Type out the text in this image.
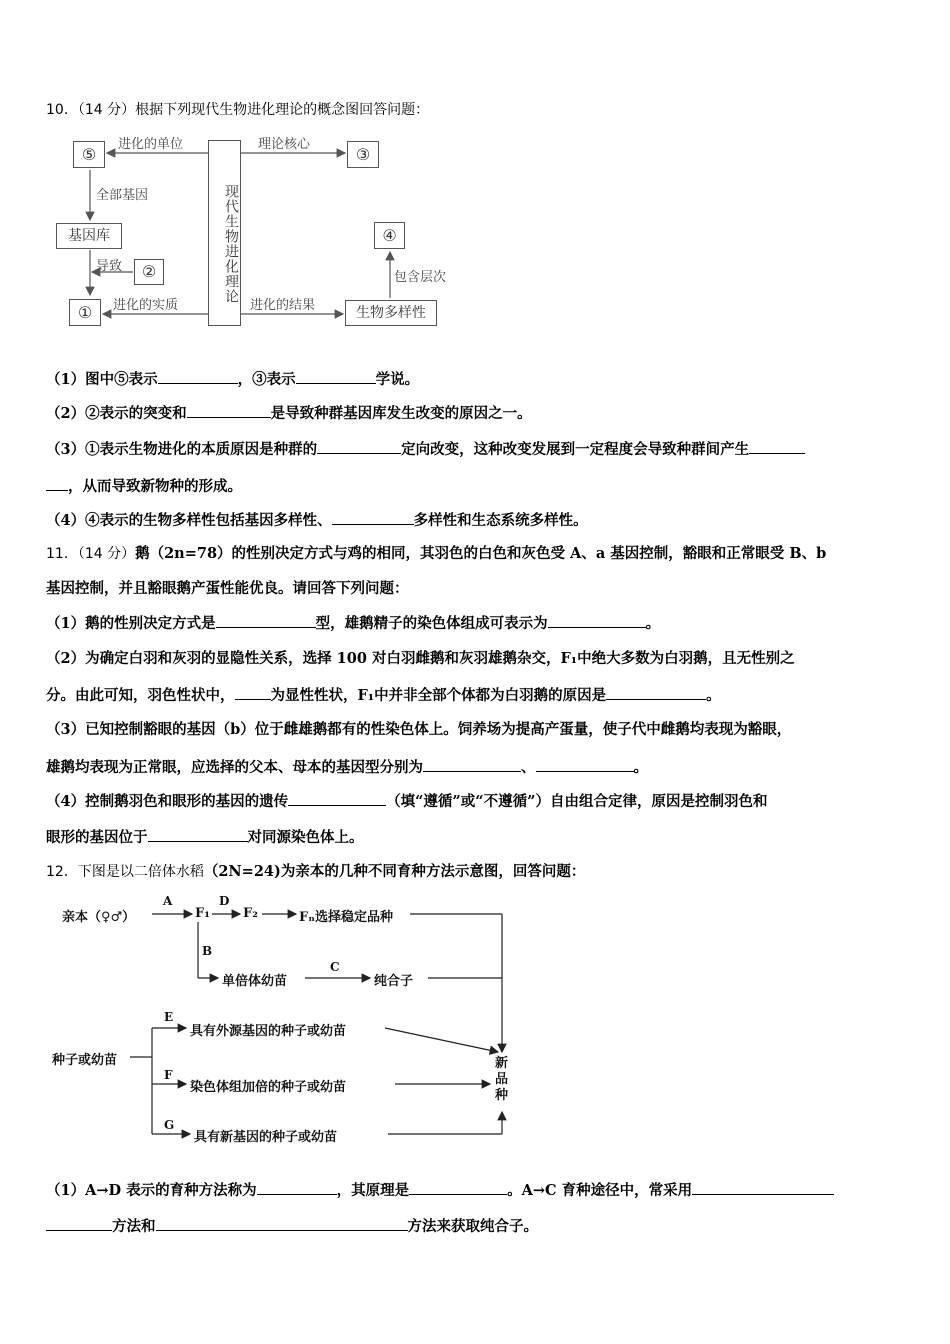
10．（14 分）根据下列现代生物进化理论的概念图回答问题：
现代生物进化理论
⑤	③
基因库
②
①
④
生物多样性
进化的单位	理论核心
全部基因
导致
进化的实质	进化的结果
包含层次
（1）图中⑤表示	，③表示	学说。
（2）②表示的突变和	是导致种群基因库发生改变的原因之一。
（3）①表示生物进化的本质原因是种群的	定向改变，这种改变发展到一定程度会导致种群间产生
，从而导致新物种的形成。
（4）④表示的生物多样性包括基因多样性、	多样性和生态系统多样性。
11．（14 分）鹅（2n=78）的性别决定方式与鸡的相同，其羽色的白色和灰色受 A、a 基因控制，豁眼和正常眼受 B、b
基因控制，并且豁眼鹅产蛋性能优良。请回答下列问题：
（1）鹅的性别决定方式是	型，雄鹅精子的染色体组成可表示为	。
（2）为确定白羽和灰羽的显隐性关系，选择 100 对白羽雌鹅和灰羽雄鹅杂交，F₁中绝大多数为白羽鹅，且无性别之
分。由此可知，羽色性状中， 为显性性状，F₁中并非全部个体都为白羽鹅的原因是	。
（3）已知控制豁眼的基因（b）位于雌雄鹅都有的性染色体上。饲养场为提高产蛋量，使子代中雌鹅均表现为豁眼，
雄鹅均表现为正常眼，应选择的父本、母本的基因型分别为	、	。
（4）控制鹅羽色和眼形的基因的遗传	（填“遵循”或“不遵循”）自由组合定律，原因是控制羽色和
眼形的基因位于	对同源染色体上。
12．下图是以二倍体水稻（2N=24)为亲本的几种不同育种方法示意图，回答问题：
亲本（♀♂）
A
F₁
D
F₂	Fₙ选择稳定品种
B
单倍体幼苗
C
纯合子
种子或幼苗
E
具有外源基因的种子或幼苗
F
染色体组加倍的种子或幼苗
G
具有新基因的种子或幼苗
新品种
（1）A→D 表示的育种方法称为	，其原理是	。A→C 育种途径中，常采用
方法和	方法来获取纯合子。
